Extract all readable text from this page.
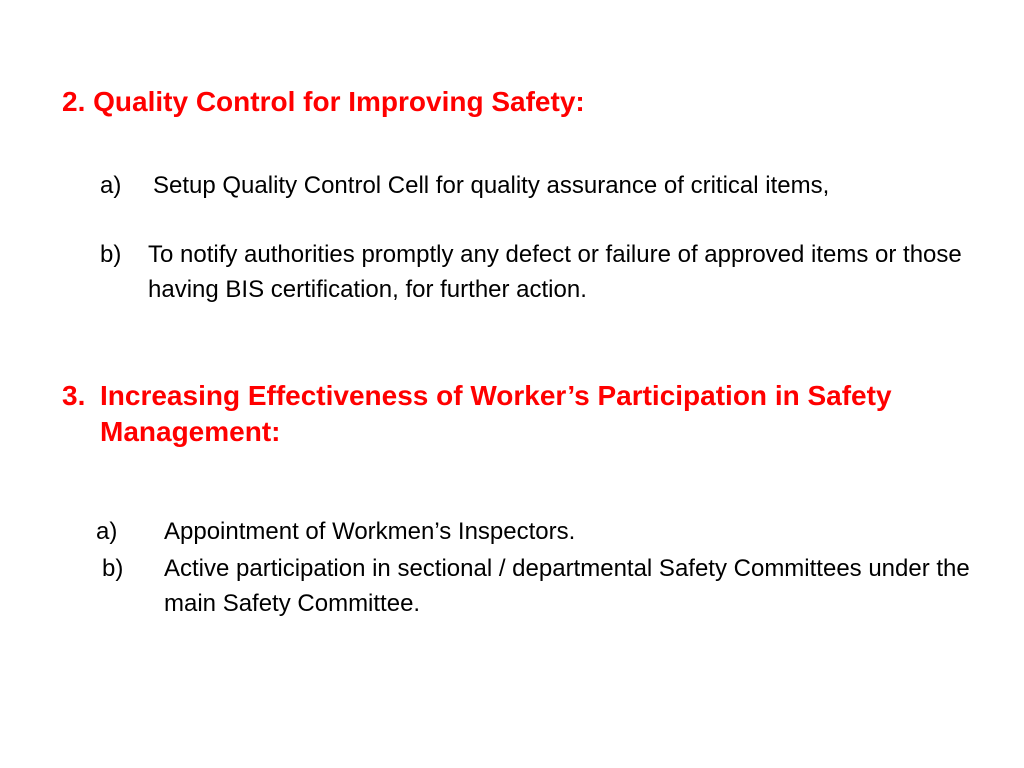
2. Quality Control for Improving Safety:
a)	Setup Quality Control Cell for quality assurance of critical items,
b)	To notify authorities promptly any defect or failure of approved items or those having BIS certification, for further action.
3. Increasing Effectiveness of Worker’s Participation in Safety Management:
a)	Appointment of Workmen’s Inspectors.
b)	Active participation in sectional / departmental Safety Committees under the main Safety Committee.
